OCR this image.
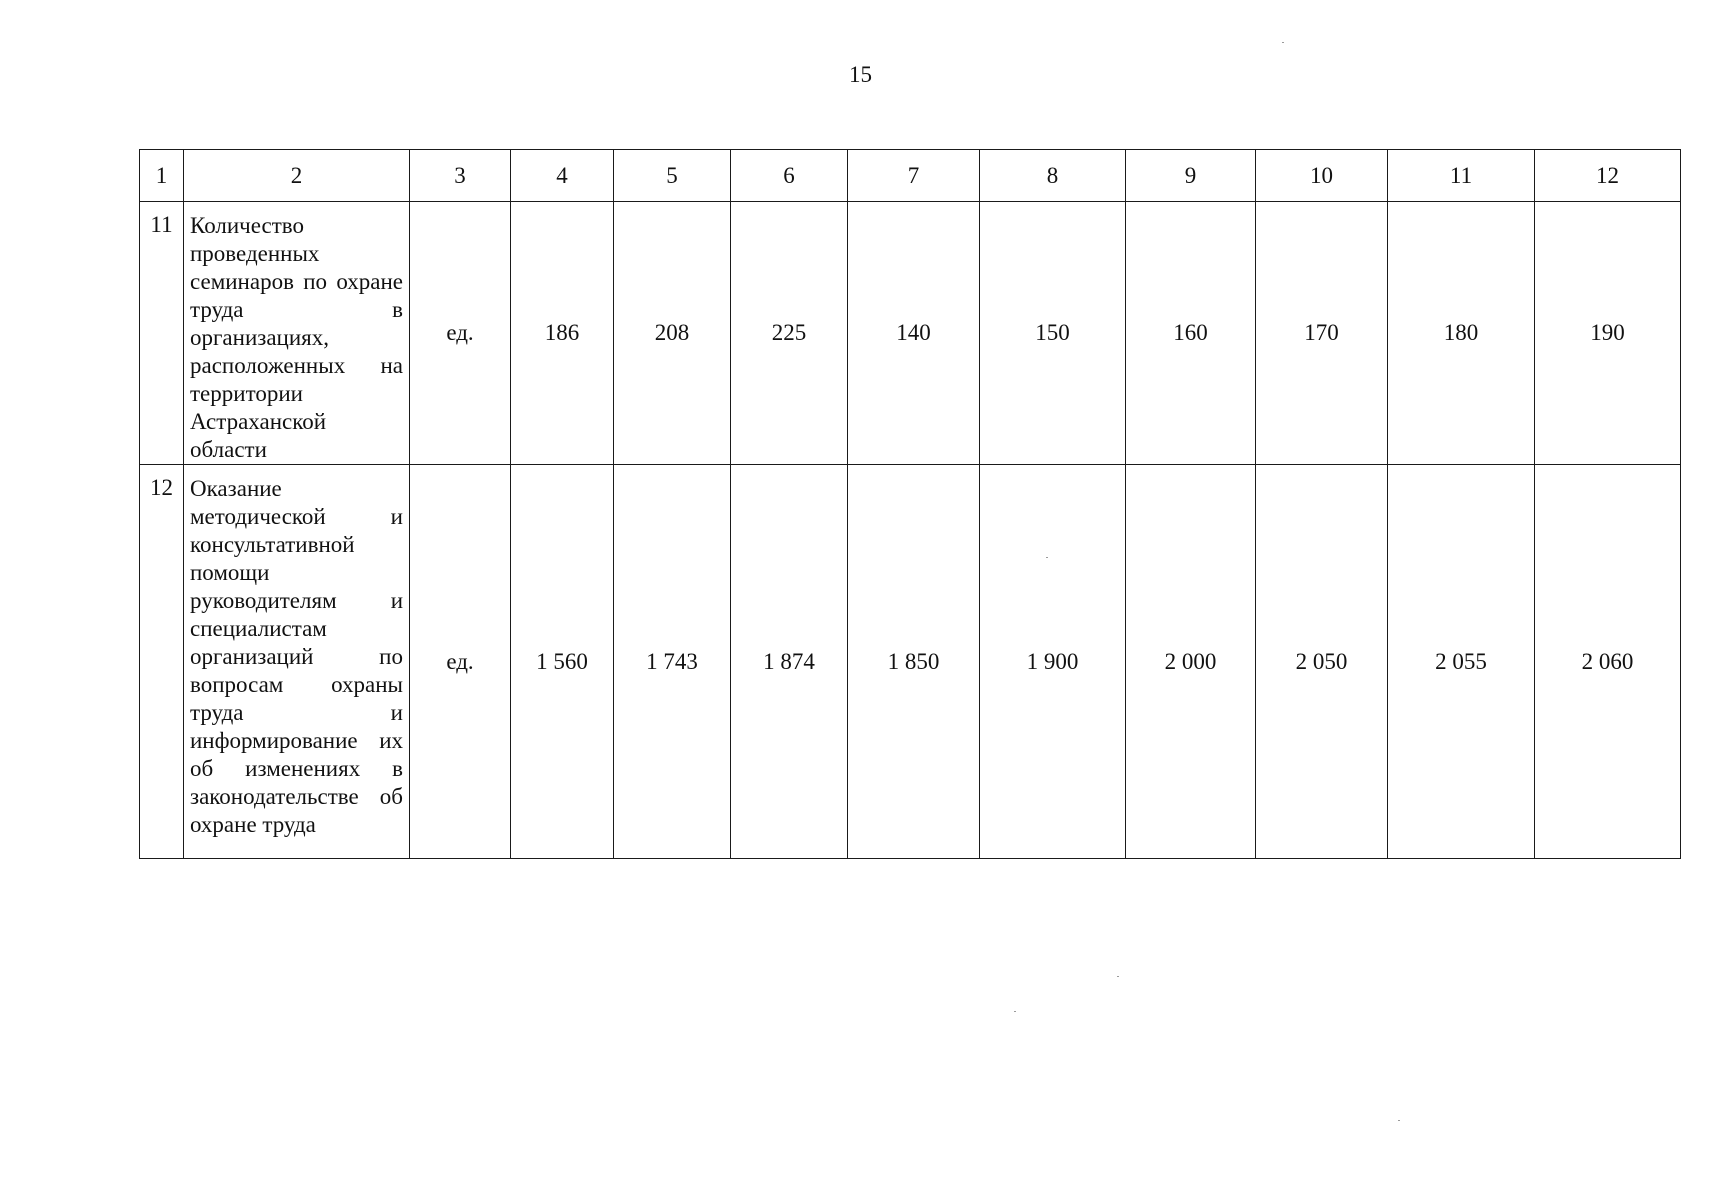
15
1	2	3	4	5	6	7	8	9	10	11	12
11	Количество проведенных семинаров по охране труда в организациях, расположенных на территории Астраханской области	ед.	186	208	225	140	150	160	170	180	190
12	Оказание методической и консультативной помощи руководителям и специалистам организаций по вопросам охраны труда и информирование их об изменениях в законодательстве об охране труда	ед.	1 560	1 743	1 874	1 850	1 900	2 000	2 050	2 055	2 060
